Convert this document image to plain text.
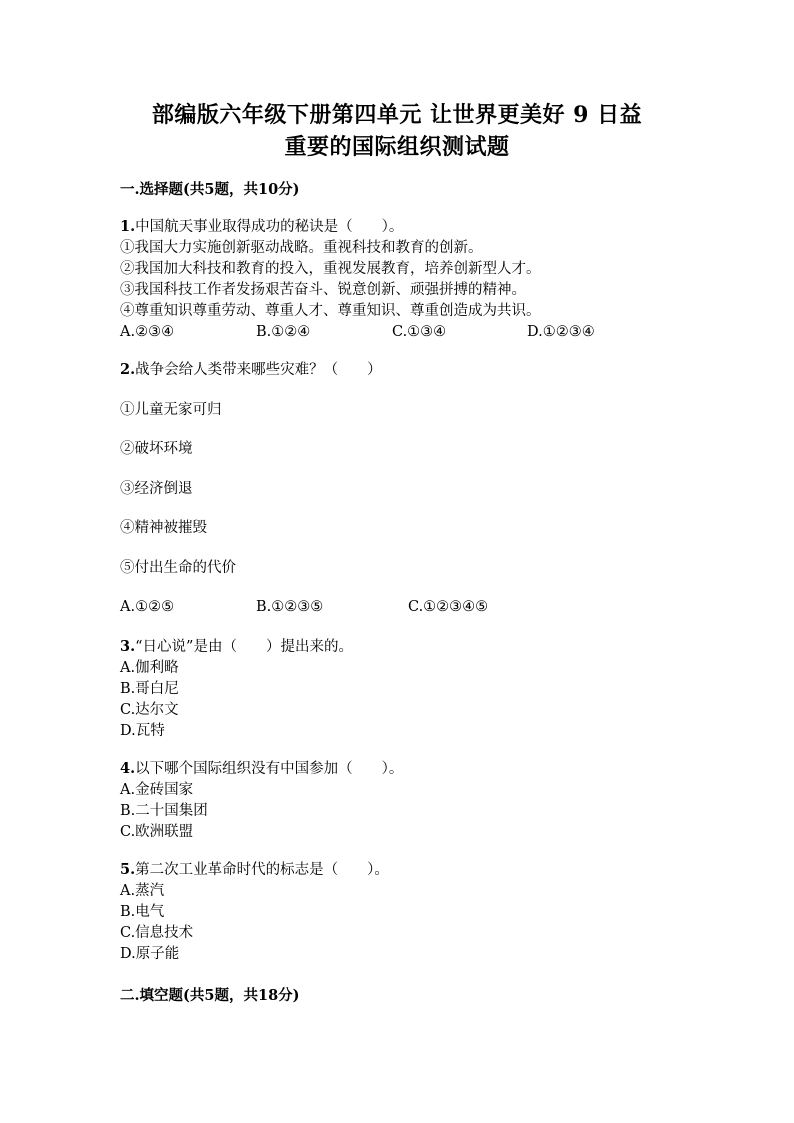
部编版六年级下册第四单元 让世界更美好 9 日益
重要的国际组织测试题
一.选择题(共5题，共10分)
1.中国航天事业取得成功的秘诀是（　　）。
①我国大力实施创新驱动战略。重视科技和教育的创新。
②我国加大科技和教育的投入，重视发展教育，培养创新型人才。
③我国科技工作者发扬艰苦奋斗、锐意创新、顽强拼搏的精神。
④尊重知识尊重劳动、尊重人才、尊重知识、尊重创造成为共识。
A.②③④	B.①②④	C.①③④	D.①②③④
2.战争会给人类带来哪些灾难？（　　）
①儿童无家可归
②破坏环境
③经济倒退
④精神被摧毁
⑤付出生命的代价
A.①②⑤	B.①②③⑤	C.①②③④⑤
3.“日心说”是由（　　）提出来的。
A.伽利略
B.哥白尼
C.达尔文
D.瓦特
4.以下哪个国际组织没有中国参加（　　）。
A.金砖国家
B.二十国集团
C.欧洲联盟
5.第二次工业革命时代的标志是（　　）。
A.蒸汽
B.电气
C.信息技术
D.原子能
二.填空题(共5题，共18分)
